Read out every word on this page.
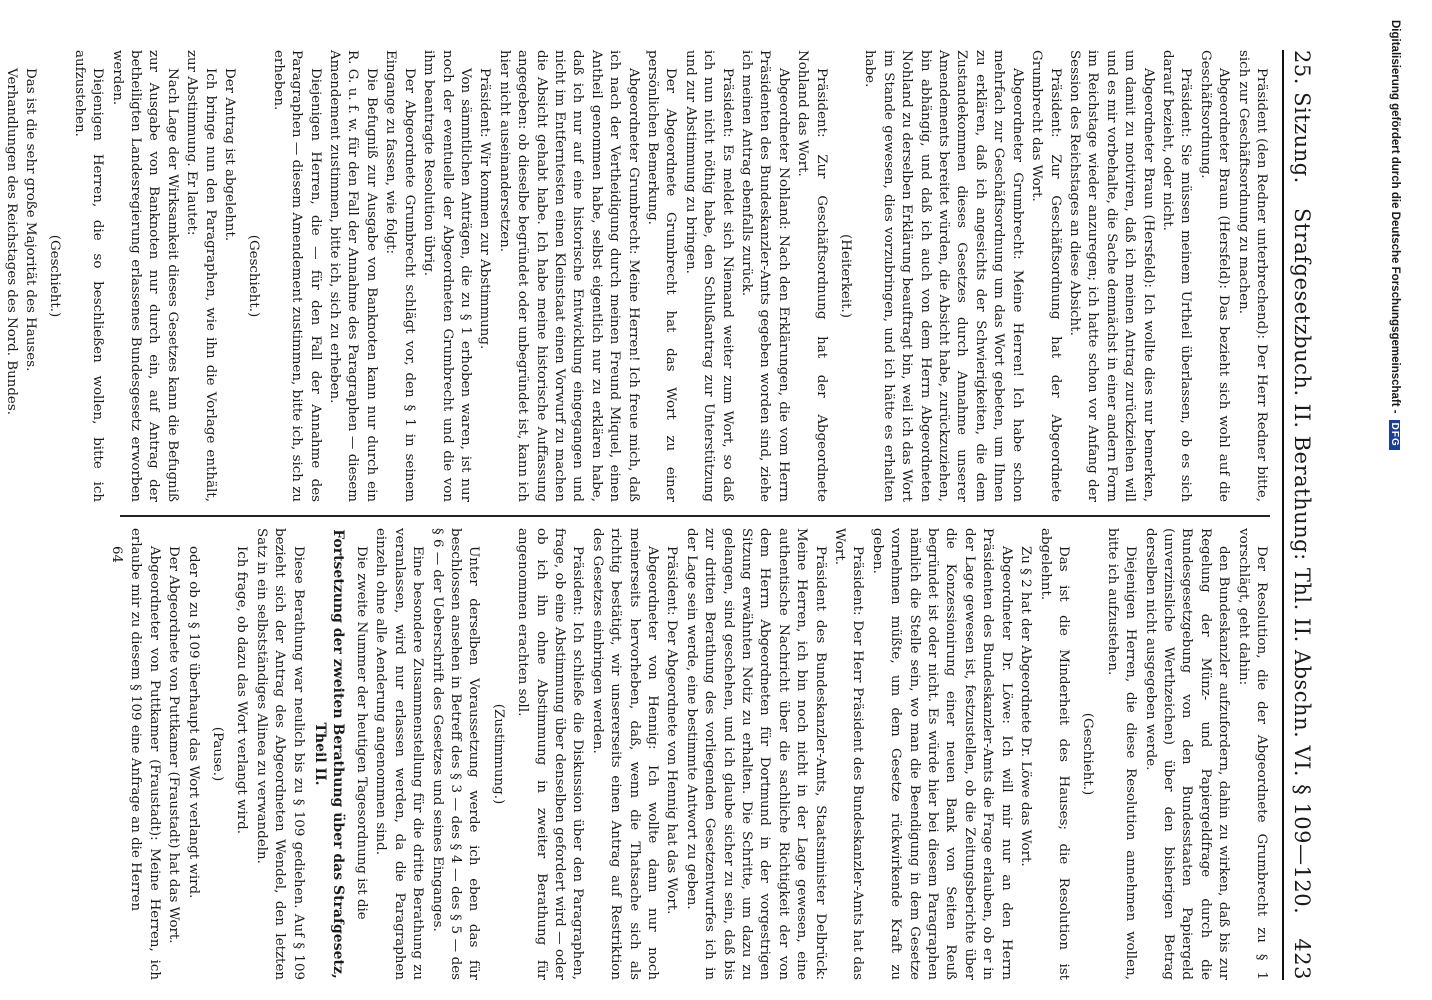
25. Sitzung.
Strafgesetzbuch. II. Berathung: Thl. II. Abschn. VI. § 109—120.
423

Präsident (den Redner unterbrechend): Der Herr Redner bitte, sich zur Geschäftsordnung zu machen.

Abgeordneter Braun (Hersfeld): Das bezieht sich wohl auf die Geschäftsordnung.

Präsident: Sie müssen meinem Urtheil überlassen, ob es sich darauf bezieht, oder nicht.

Abgeordneter Braun (Hersfeld): Ich wollte dies nur bemerken, um damit zu motiviren, daß ich meinen Antrag zurückziehen will und es mir vorbehalte, die Sache demnächst in einer andern Form im Reichstage wieder anzuregen; ich hatte schon vor Anfang der Session des Reichstages an diese Absicht.

Präsident: Zur Geschäftsordnung hat der Abgeordnete Grumbrecht das Wort.

Abgeordneter Grumbrecht: Meine Herren! Ich habe schon mehrfach zur Geschäftsordnung um das Wort gebeten, um Ihnen zu erklären, daß ich angesichts der Schwierigkeiten, die dem Zustandekommen dieses Gesetzes durch Annahme unserer Amendements bereitet würden, die Absicht habe, zurückzuziehen, bin abhängig, und daß ich auch von dem Herrn Abgeordneten Nohland zu derselben Erklärung beauftragt bin, weil ich das Wort im Stande gewesen, dies vorzubringen, und ich hätte es erhalten habe.

(Heiterkeit.)

Präsident: Zur Geschäftsordnung hat der Abgeordnete Nohland das Wort.

Abgeordneter Nohland: Nach den Erklärungen, die vom Herrn Präsidenten des Bundeskanzler-Amts gegeben worden sind, ziehe ich meinen Antrag ebenfalls zurück.

Präsident: Es meldet sich Niemand weiter zum Wort, so daß ich nun nicht nöthig habe, den Schlußantrag zur Unterstützung und zur Abstimmung zu bringen.

Der Abgeordnete Grumbrecht hat das Wort zu einer persönlichen Bemerkung.

Abgeordneter Grumbrecht: Meine Herren! Ich freue mich, daß ich nach der Vertheidigung durch meinen Freund Miquel, einen Antheil genommen habe, selbst eigentlich nur zu erklären habe, daß ich nur auf eine historische Entwicklung eingegangen und nicht im Entferntesten einen Kleinstaat einen Vorwurf zu machen die Absicht gehabt habe. Ich habe meine historische Auffassung angegeben: ob dieselbe begründet oder unbegründet ist, kann ich hier nicht auseinandersetzen.

Präsident: Wir kommen zur Abstimmung.

Von sämmtlichen Anträgen, die zu § 1 erhoben waren, ist nur noch der eventuelle der Abgeordneten Grumbrecht und die von ihm beantragte Resolution übrig.

Der Abgeordnete Grumbrecht schlägt vor, den § 1 in seinem Eingange zu fassen, wie folgt:

Die Befugniß zur Ausgabe von Banknoten kann nur durch ein R. G. u. f. w. für den Fall der Annahme des Paragraphen — diesem Amendement zustimmen, bitte ich, sich zu erheben.

Diejenigen Herren, die — für den Fall der Annahme des Paragraphen — diesem Amendement zustimmen, bitte ich, sich zu erheben.

(Geschieht.)

Der Antrag ist abgelehnt.

Ich bringe nun den Paragraphen, wie ihn die Vorlage enthält, zur Abstimmung. Er lautet:

Nach Lage der Wirksamkeit dieses Gesetzes kann die Befugniß zur Ausgabe von Banknoten nur durch ein, auf Antrag der betheiligten Landesregierung erlassenes Bundesgesetz erworben werden.

Diejenigen Herren, die so beschließen wollen, bitte ich aufzustehen.

(Geschieht.)

Das ist die sehr große Majorität des Hauses.

Verhandlungen des Reichstages des Nord. Bundes.

Der Resolution, die der Abgeordnete Grumbrecht zu § 1 vorschlägt, geht dahin:

den Bundeskanzler aufzufordern, dahin zu wirken, daß bis zur Regelung der Münz- und Papiergeldfrage durch die Bundesgesetzgebung von den Bundesstaaten Papiergeld (unverzinsliche Werthzeichen) über den bisherigen Betrag derselben nicht ausgegeben werde.

Diejenigen Herren, die diese Resolution annehmen wollen, bitte ich aufzustehen.

(Geschieht.)

Das ist die Minderheit des Hauses; die Resolution ist abgelehnt.

Zu § 2 hat der Abgeordnete Dr. Löwe das Wort.

Abgeordneter Dr. Löwe: Ich will mir nur an den Herrn Präsidenten des Bundeskanzler-Amts die Frage erlauben, ob er in der Lage gewesen ist, festzustellen, ob die Zeitungsberichte über die Konzessionirung einer neuen Bank von Seiten Reuß begründet ist oder nicht. Es würde hier bei diesem Paragraphen nämlich die Stelle sein, wo man die Beendigung in dem Gesetze vornehmen müßte, um dem Gesetze rückwirkende Kraft zu geben.

Präsident: Der Herr Präsident des Bundeskanzler-Amts hat das Wort.

Präsident des Bundeskanzler-Amts, Staatsminister Delbrück: Meine Herren, ich bin noch nicht in der Lage gewesen, eine authentische Nachricht über die sachliche Richtigkeit der von dem Herrn Abgeordneten für Dortmund in der vorgestrigen Sitzung erwähnten Notiz zu erhalten. Die Schritte, um dazu zu gelangen, sind geschehen, und ich glaube sicher zu sein, daß bis zur dritten Berathung des vorliegenden Gesetzentwurfes ich in der Lage sein werde, eine bestimmte Antwort zu geben.

Präsident: Der Abgeordnete von Hennig hat das Wort.

Abgeordneter von Hennig: Ich wollte dann nur noch meinerseits hervorheben, daß, wenn die Thatsache sich als richtig bestätigt, wir unsererseits einen Antrag auf Restriktion des Gesetzes einbringen werden.

Präsident: Ich schließe die Diskussion über den Paragraphen, frage, ob eine Abstimmung über denselben gefordert wird — oder ob ich ihn ohne Abstimmung in zweiter Berathung für angenommen erachten soll.

(Zustimmung.)

Unter derselben Voraussetzung werde ich eben das für beschlossen ansehen in Betreff des § 3 — des § 4 — des § 5 — des § 6 — der Ueberschrift des Gesetzes und seines Einganges.

Eine besondere Zusammenstellung für die dritte Berathung zu veranlassen, wird nur erlassen werden, da die Paragraphen einzeln ohne alle Aenderung angenommen sind.

Die zweite Nummer der heutigen Tagesordnung ist die

Fortsetzung der zweiten Berathung über das Strafgesetz, Theil II.

Diese Berathung war neulich bis zu § 109 gediehen. Auf § 109 bezieht sich der Antrag des Abgeordneten Wendel, den letzten Satz in ein selbstständiges Alinea zu verwandeln.

Ich frage, ob dazu das Wort verlangt wird.

(Pause.)

oder ob zu § 109 überhaupt das Wort verlangt wird.

Der Abgeordnete von Puttkamer (Fraustadt) hat das Wort.

Abgeordneter von Puttkamer (Fraustadt): Meine Herren, ich erlaube mir zu diesem § 109 eine Anfrage an die Herren

64

Digitalisierung gefördert durch die Deutsche Forschungsgemeinschaft -
DFG
